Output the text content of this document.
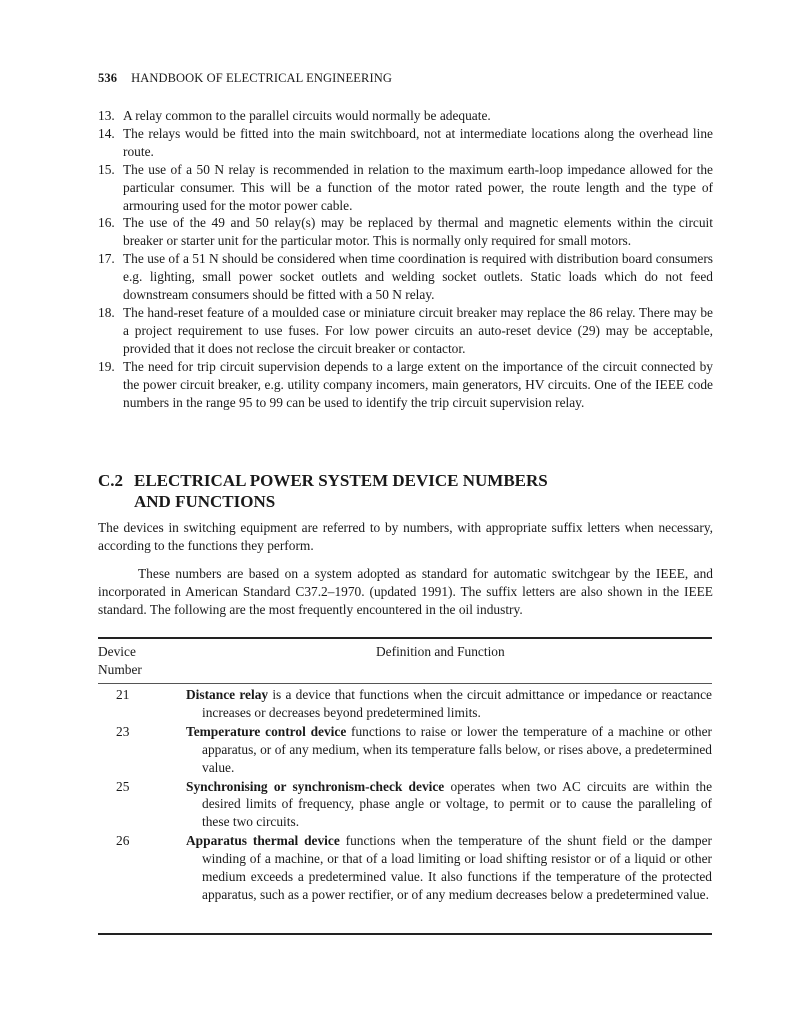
536 HANDBOOK OF ELECTRICAL ENGINEERING

13. A relay common to the parallel circuits would normally be adequate.

14. The relays would be fitted into the main switchboard, not at intermediate locations along the overhead line route.

15. The use of a 50 N relay is recommended in relation to the maximum earth-loop impedance allowed for the particular consumer. This will be a function of the motor rated power, the route length and the type of armouring used for the motor power cable.

16. The use of the 49 and 50 relay(s) may be replaced by thermal and magnetic elements within the circuit breaker or starter unit for the particular motor. This is normally only required for small motors.

17. The use of a 51 N should be considered when time coordination is required with distribution board consumers e.g. lighting, small power socket outlets and welding socket outlets. Static loads which do not feed downstream consumers should be fitted with a 50 N relay.

18. The hand-reset feature of a moulded case or miniature circuit breaker may replace the 86 relay. There may be a project requirement to use fuses. For low power circuits an auto-reset device (29) may be acceptable, provided that it does not reclose the circuit breaker or contactor.

19. The need for trip circuit supervision depends to a large extent on the importance of the circuit connected by the power circuit breaker, e.g. utility company incomers, main generators, HV circuits. One of the IEEE code numbers in the range 95 to 99 can be used to identify the trip circuit supervision relay.

C.2 ELECTRICAL POWER SYSTEM DEVICE NUMBERS
AND FUNCTIONS

The devices in switching equipment are referred to by numbers, with appropriate suffix letters when necessary, according to the functions they perform.

These numbers are based on a system adopted as standard for automatic switchgear by the IEEE, and incorporated in American Standard C37.2–1970. (updated 1991). The suffix letters are also shown in the IEEE standard. The following are the most frequently encountered in the oil industry.

Device Number
Definition and Function
21	Distance relay is a device that functions when the circuit admittance or impedance or reactance increases or decreases beyond predetermined limits.
23	Temperature control device functions to raise or lower the temperature of a machine or other apparatus, or of any medium, when its temperature falls below, or rises above, a predetermined value.
25	Synchronising or synchronism-check device operates when two AC circuits are within the desired limits of frequency, phase angle or voltage, to permit or to cause the paralleling of these two circuits.
26	Apparatus thermal device functions when the temperature of the shunt field or the damper winding of a machine, or that of a load limiting or load shifting resistor or of a liquid or other medium exceeds a predetermined value. It also functions if the temperature of the protected apparatus, such as a power rectifier, or of any medium decreases below a predetermined value.
